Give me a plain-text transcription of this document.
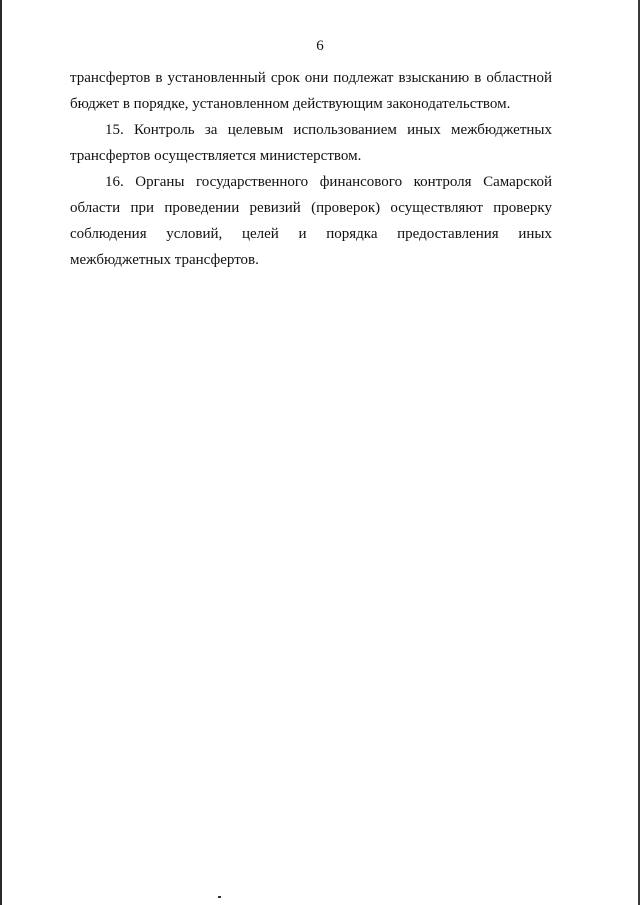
6

трансфертов в установленный срок они подлежат взысканию в областной
бюджет в порядке, установленном действующим законодательством.

15. Контроль за целевым использованием иных межбюджетных
трансфертов осуществляется министерством.

16. Органы государственного финансового контроля Самарской
области при проведении ревизий (проверок) осуществляют проверку
соблюдения условий, целей и порядка предоставления иных
межбюджетных трансфертов.
